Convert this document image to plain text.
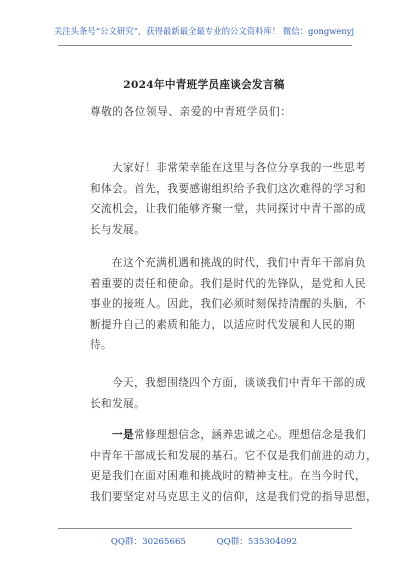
关注头条号“公文研究”，获得最新最全最专业的公文资料库！ 微信：gongwenyj
2024年中青班学员座谈会发言稿
尊敬的各位领导、亲爱的中青班学员们：

大家好！非常荣幸能在这里与各位分享我的一些思考
和体会。首先，我要感谢组织给予我们这次难得的学习和
交流机会，让我们能够齐聚一堂，共同探讨中青干部的成
长与发展。

在这个充满机遇和挑战的时代，我们中青年干部肩负
着重要的责任和使命。我们是时代的先锋队，是党和人民
事业的接班人。因此，我们必须时刻保持清醒的头脑，不
断提升自己的素质和能力，以适应时代发展和人民的期
待。

今天，我想围绕四个方面，谈谈我们中青年干部的成
长和发展。

一是常修理想信念，涵养忠诚之心。理想信念是我们
中青年干部成长和发展的基石。它不仅是我们前进的动力，
更是我们在面对困难和挑战时的精神支柱。在当今时代，
我们要坚定对马克思主义的信仰，这是我们党的指导思想，

QQ群：30265665	QQ群：535304092
